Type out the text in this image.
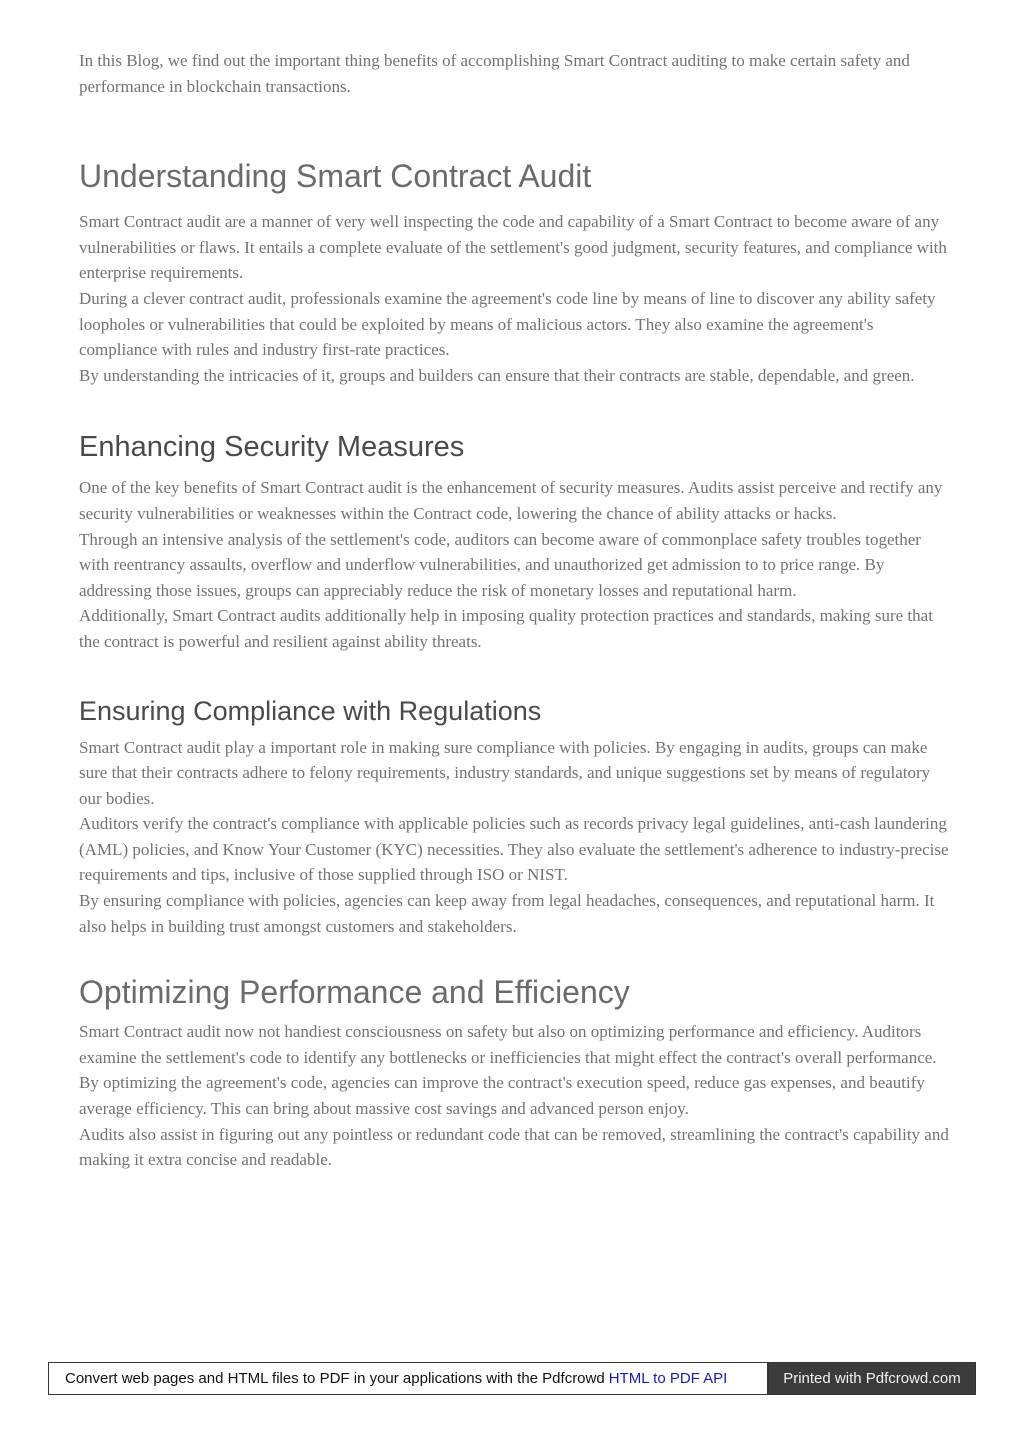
In this Blog, we find out the important thing benefits of accomplishing Smart Contract auditing to make certain safety and performance in blockchain transactions.

Understanding Smart Contract Audit

Smart Contract audit are a manner of very well inspecting the code and capability of a Smart Contract to become aware of any vulnerabilities or flaws. It entails a complete evaluate of the settlement's good judgment, security features, and compliance with enterprise requirements.

During a clever contract audit, professionals examine the agreement's code line by means of line to discover any ability safety loopholes or vulnerabilities that could be exploited by means of malicious actors. They also examine the agreement's compliance with rules and industry first-rate practices.

By understanding the intricacies of it, groups and builders can ensure that their contracts are stable, dependable, and green.

Enhancing Security Measures

One of the key benefits of Smart Contract audit is the enhancement of security measures. Audits assist perceive and rectify any security vulnerabilities or weaknesses within the Contract code, lowering the chance of ability attacks or hacks.

Through an intensive analysis of the settlement's code, auditors can become aware of commonplace safety troubles together with reentrancy assaults, overflow and underflow vulnerabilities, and unauthorized get admission to to price range. By addressing those issues, groups can appreciably reduce the risk of monetary losses and reputational harm.

Additionally, Smart Contract audits additionally help in imposing quality protection practices and standards, making sure that the contract is powerful and resilient against ability threats.

Ensuring Compliance with Regulations

Smart Contract audit play a important role in making sure compliance with policies. By engaging in audits, groups can make sure that their contracts adhere to felony requirements, industry standards, and unique suggestions set by means of regulatory our bodies.

Auditors verify the contract's compliance with applicable policies such as records privacy legal guidelines, anti-cash laundering (AML) policies, and Know Your Customer (KYC) necessities. They also evaluate the settlement's adherence to industry-precise requirements and tips, inclusive of those supplied through ISO or NIST.

By ensuring compliance with policies, agencies can keep away from legal headaches, consequences, and reputational harm. It also helps in building trust amongst customers and stakeholders.

Optimizing Performance and Efficiency

Smart Contract audit now not handiest consciousness on safety but also on optimizing performance and efficiency. Auditors examine the settlement's code to identify any bottlenecks or inefficiencies that might effect the contract's overall performance.

By optimizing the agreement's code, agencies can improve the contract's execution speed, reduce gas expenses, and beautify average efficiency. This can bring about massive cost savings and advanced person enjoy.

Audits also assist in figuring out any pointless or redundant code that can be removed, streamlining the contract's capability and making it extra concise and readable.

Convert web pages and HTML files to PDF in your applications with the Pdfcrowd HTML to PDF API	Printed with Pdfcrowd.com
